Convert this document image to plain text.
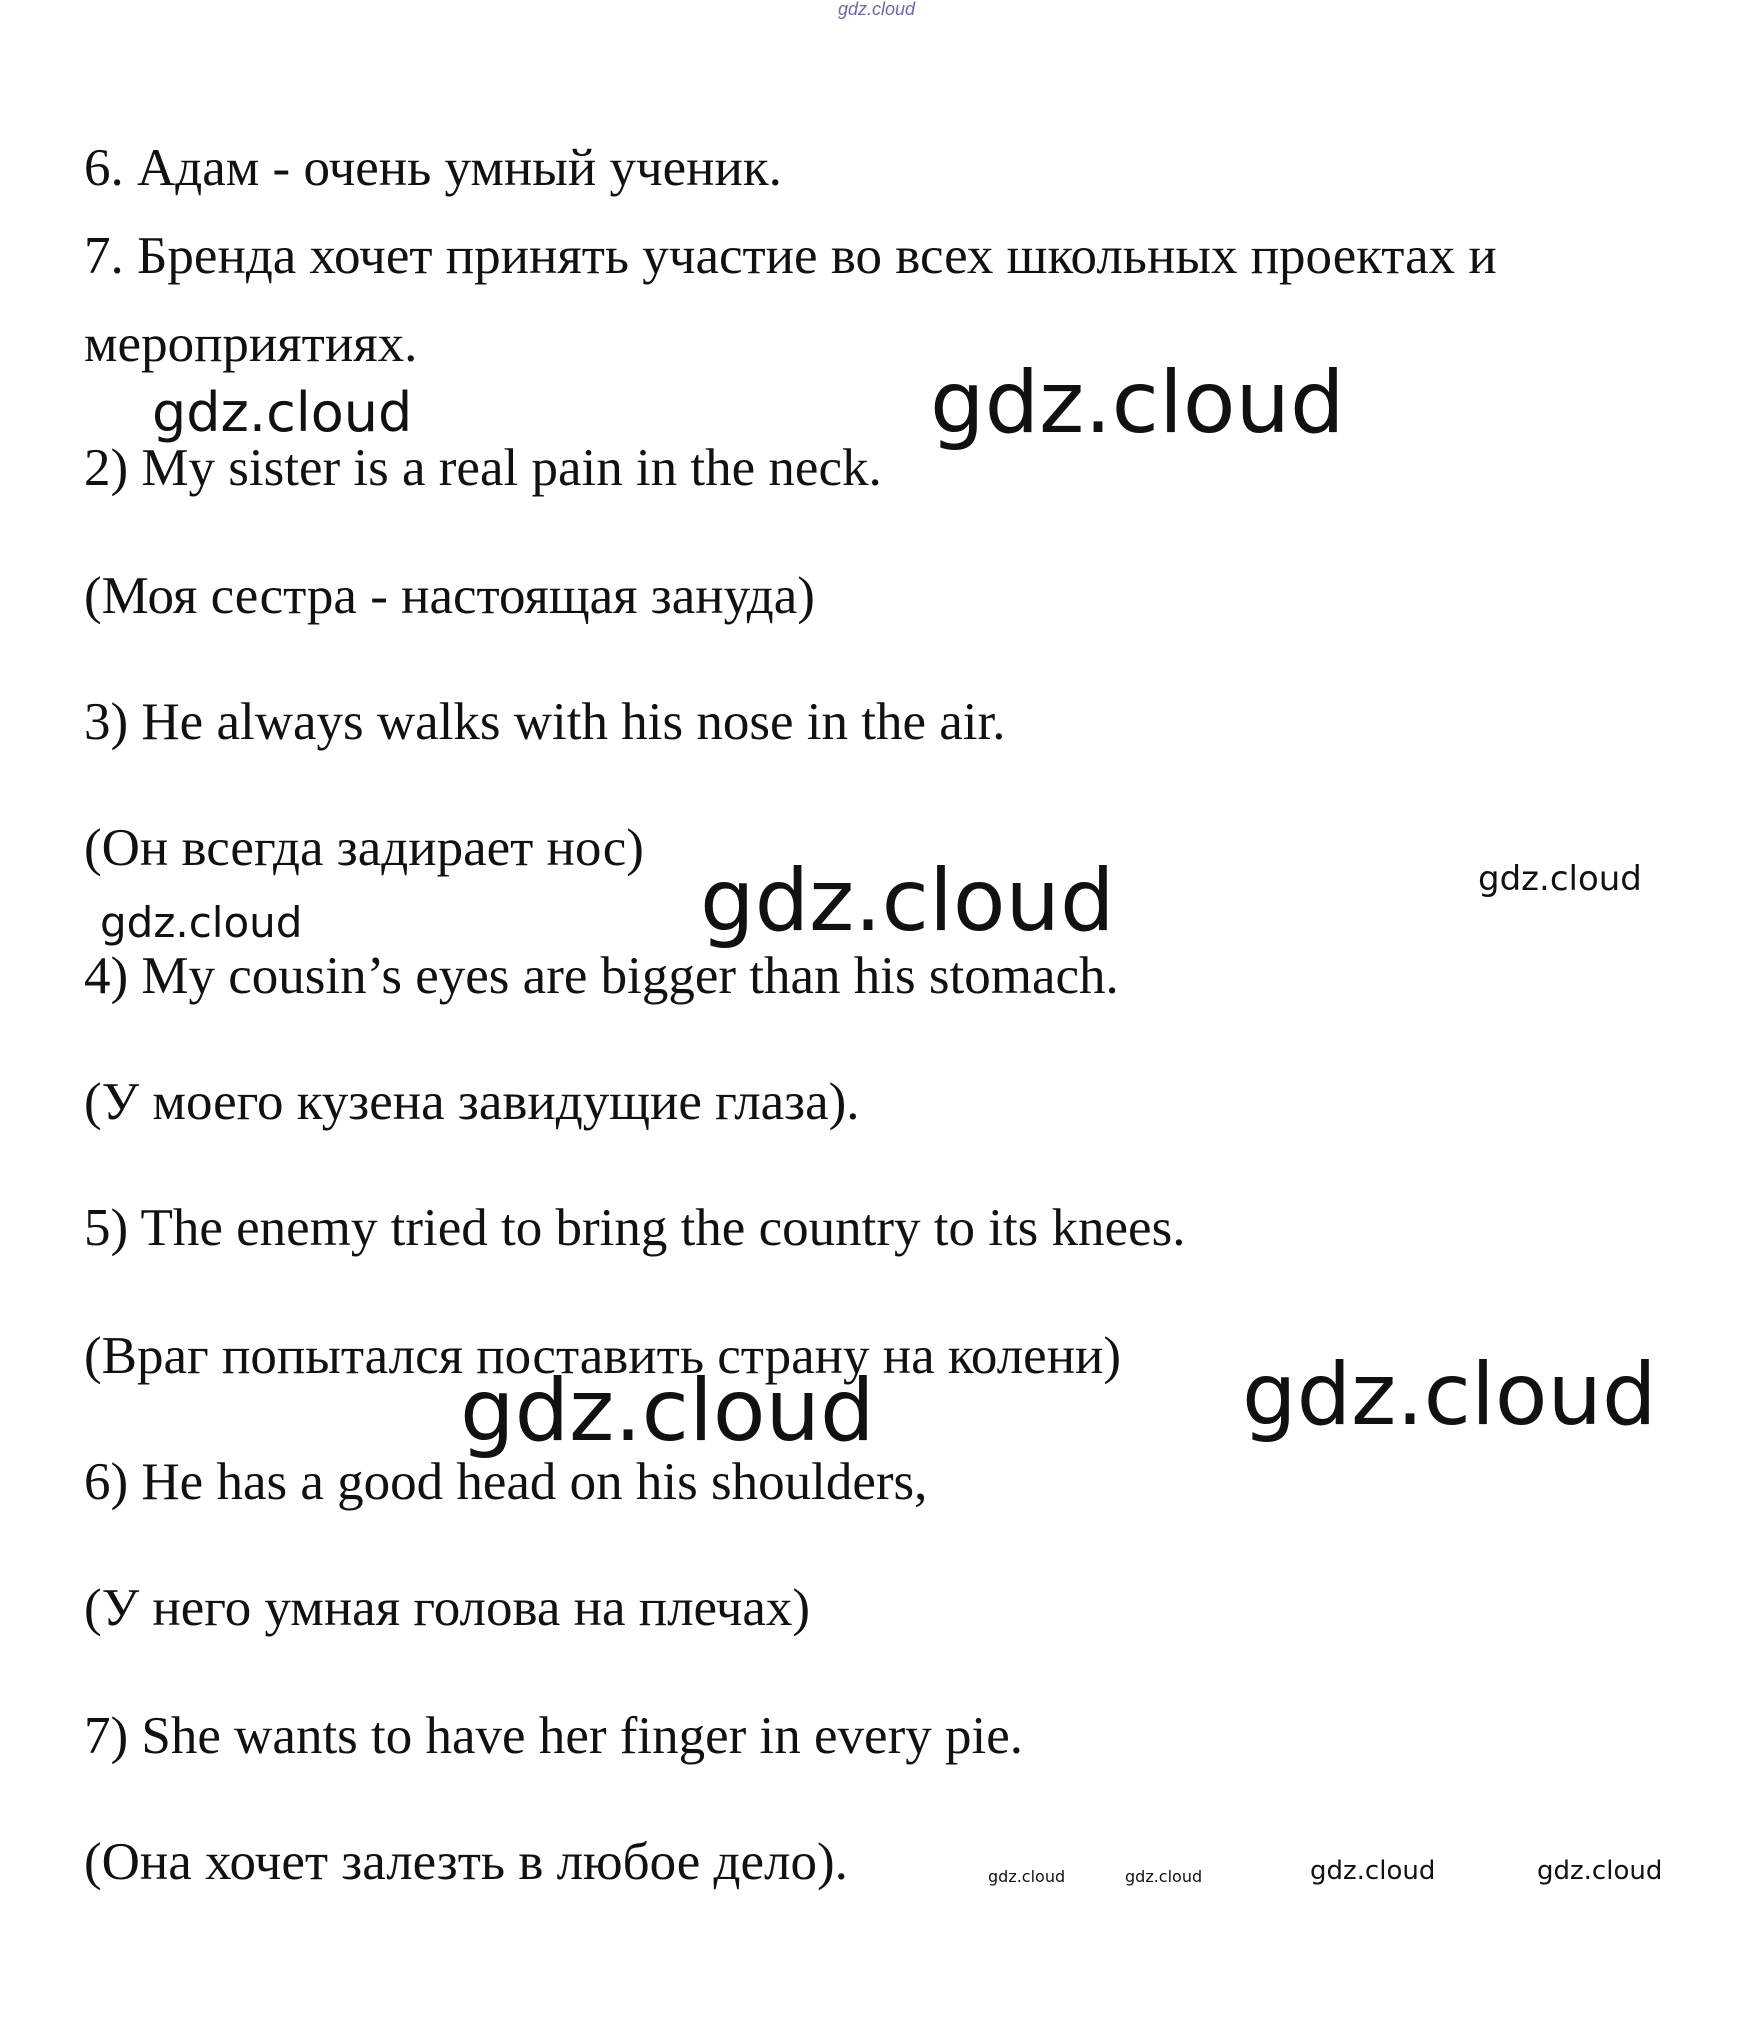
gdz.cloud
gdz.cloud	gdz.cloud
gdz.cloud	gdz.cloud
gdz.cloud
gdz.cloud	gdz.cloud
gdz.cloud	gdz.cloud	gdz.cloud	gdz.cloud
6. Адам - очень умный ученик.
7. Бренда хочет принять участие во всех школьных проектах и
мероприятиях.
2) My sister is a real pain in the neck.
(Моя сестра - настоящая зануда)
3) He always walks with his nose in the air.
(Он всегда задирает нос)
4) My cousin’s eyes are bigger than his stomach.
(У моего кузена завидущие глаза).
5) The enemy tried to bring the country to its knees.
(Враг попытался поставить страну на колени)
6) He has a good head on his shoulders,
(У него умная голова на плечах)
7) She wants to have her finger in every pie.
(Она хочет залезть в любое дело).
